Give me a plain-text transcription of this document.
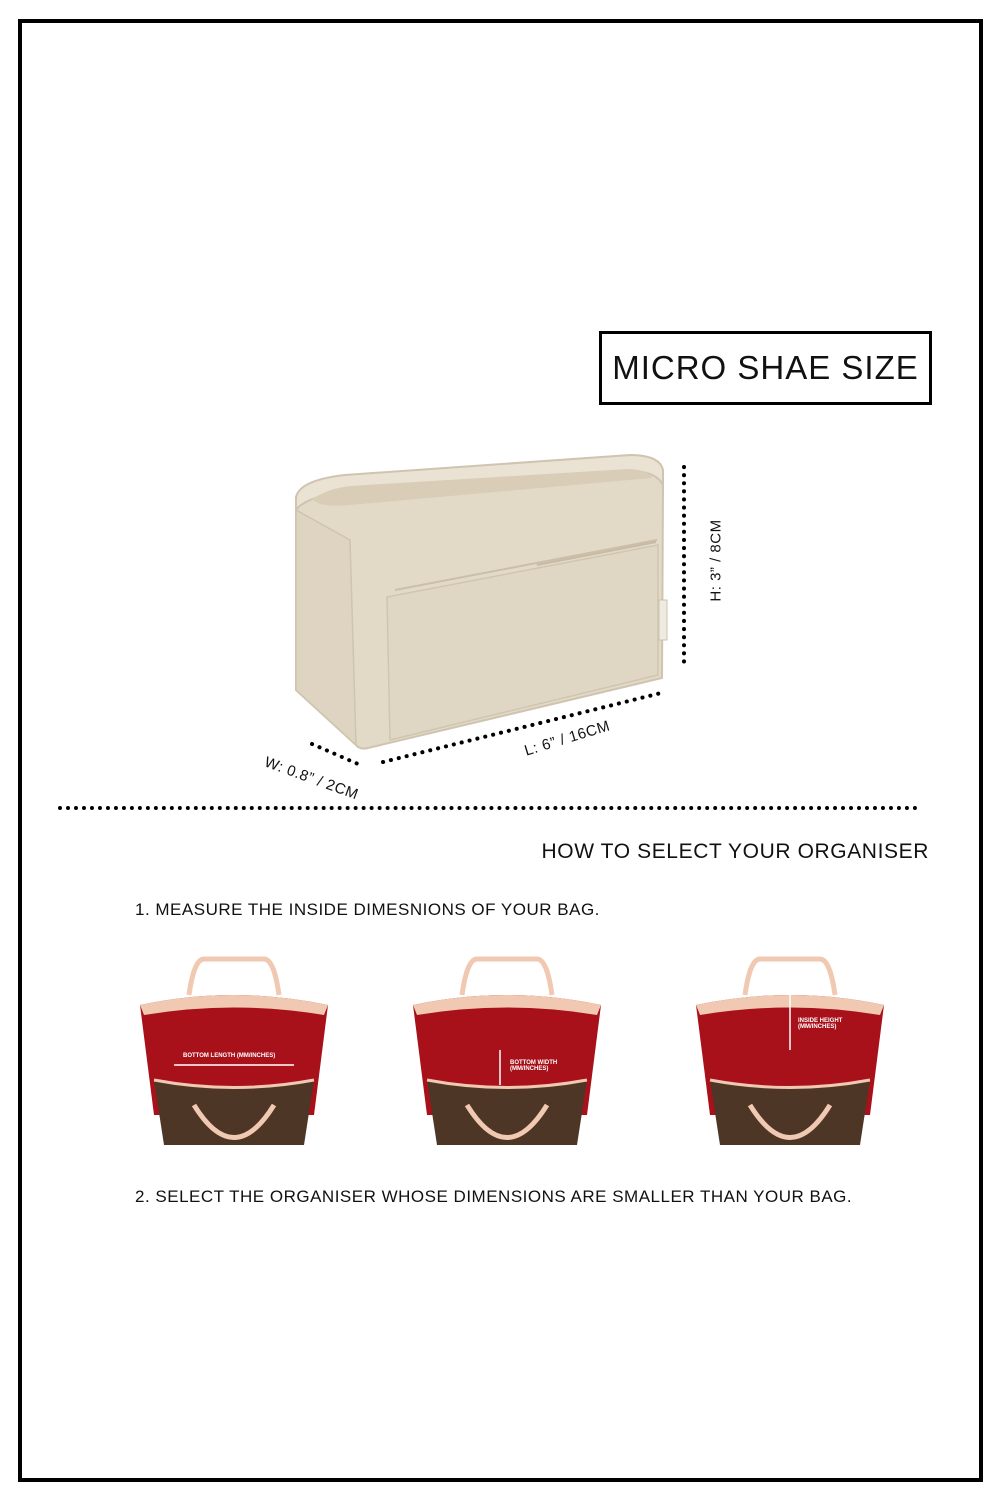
MICRO SHAE SIZE
H: 3” / 8CM
L: 6” / 16CM
W: 0.8” / 2CM
HOW TO SELECT YOUR ORGANISER
1. MEASURE THE INSIDE DIMESNIONS OF YOUR BAG.
BOTTOM LENGTH (MM/INCHES)
BOTTOM WIDTH
(MM/INCHES)
INSIDE HEIGHT
(MM/INCHES)
2. SELECT THE ORGANISER WHOSE DIMENSIONS ARE SMALLER THAN YOUR BAG.
